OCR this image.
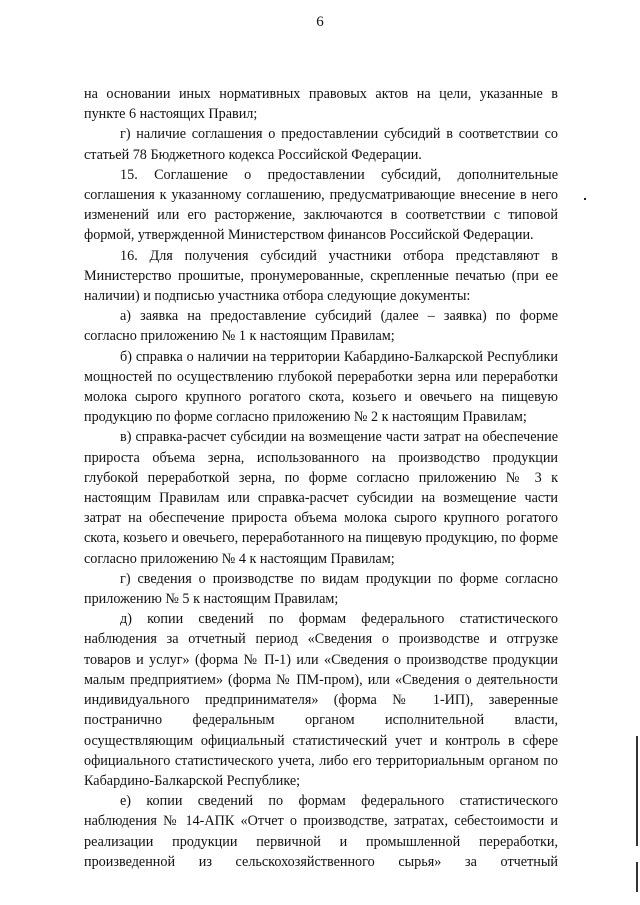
6

на основании иных нормативных правовых актов на цели, указанные в пункте 6 настоящих Правил;

г) наличие соглашения о предоставлении субсидий в соответствии со статьей 78 Бюджетного кодекса Российской Федерации.

15. Соглашение о предоставлении субсидий, дополнительные соглашения к указанному соглашению, предусматривающие внесение в него изменений или его расторжение, заключаются в соответствии с типовой формой, утвержденной Министерством финансов Российской Федерации.

16. Для получения субсидий участники отбора представляют в Министерство прошитые, пронумерованные, скрепленные печатью (при ее наличии) и подписью участника отбора следующие документы:

а) заявка на предоставление субсидий (далее – заявка) по форме согласно приложению № 1 к настоящим Правилам;

б) справка о наличии на территории Кабардино-Балкарской Республики мощностей по осуществлению глубокой переработки зерна или переработки молока сырого крупного рогатого скота, козьего и овечьего на пищевую продукцию по форме согласно приложению № 2 к настоящим Правилам;

в) справка-расчет субсидии на возмещение части затрат на обеспечение прироста объема зерна, использованного на производство продукции глубокой переработкой зерна, по форме согласно приложению № 3 к настоящим Правилам или справка-расчет субсидии на возмещение части затрат на обеспечение прироста объема молока сырого крупного рогатого скота, козьего и овечьего, переработанного на пищевую продукцию, по форме согласно приложению № 4 к настоящим Правилам;

г) сведения о производстве по видам продукции по форме согласно приложению № 5 к настоящим Правилам;

д) копии сведений по формам федерального статистического наблюдения за отчетный период «Сведения о производстве и отгрузке товаров и услуг» (форма № П-1) или «Сведения о производстве продукции малым предприятием» (форма № ПМ-пром), или «Сведения о деятельности индивидуального предпринимателя» (форма № 1-ИП), заверенные постранично федеральным органом исполнительной власти, осуществляющим официальный статистический учет и контроль в сфере официального статистического учета, либо его территориальным органом по Кабардино-Балкарской Республике;

е) копии сведений по формам федерального статистического наблюдения № 14-АПК «Отчет о производстве, затратах, себестоимости и реализации продукции первичной и промышленной переработки, произведенной из сельскохозяйственного сырья» за отчетный
